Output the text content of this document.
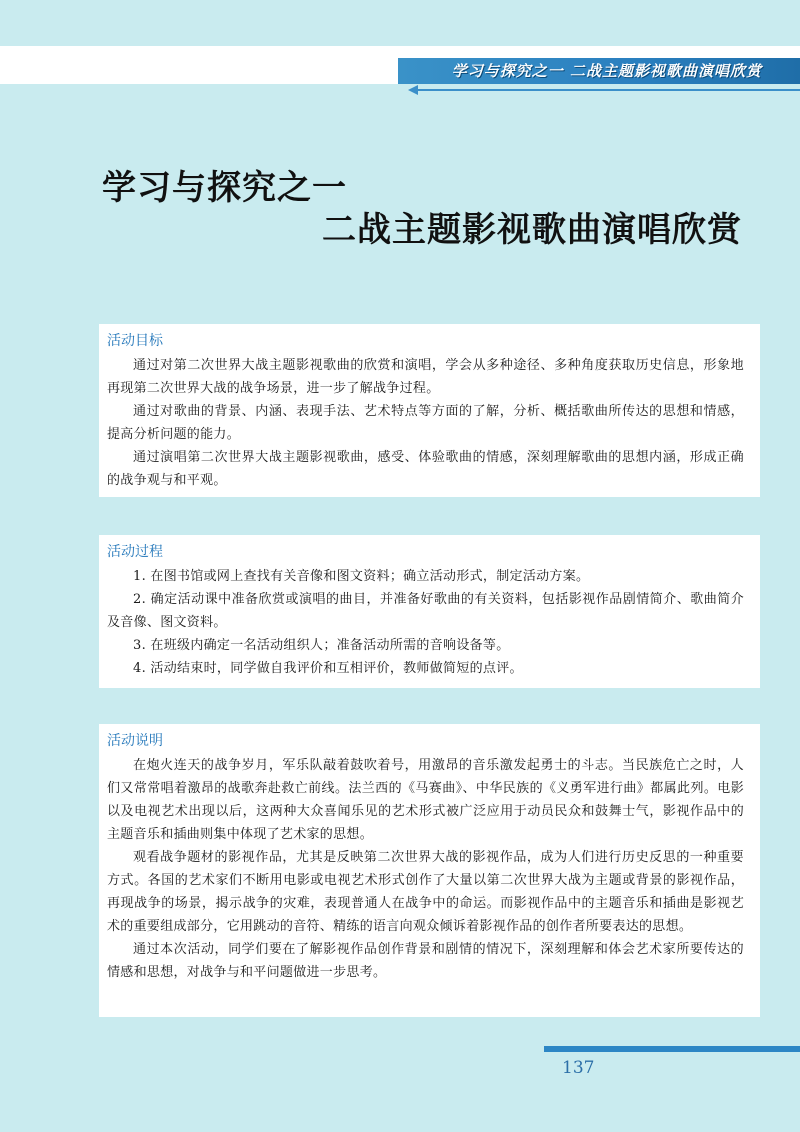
学习与探究之一 二战主题影视歌曲演唱欣赏
学习与探究之一
二战主题影视歌曲演唱欣赏
活动目标

通过对第二次世界大战主题影视歌曲的欣赏和演唱，学会从多种途径、多种角度获取历史信息，形象地再现第二次世界大战的战争场景，进一步了解战争过程。

通过对歌曲的背景、内涵、表现手法、艺术特点等方面的了解，分析、概括歌曲所传达的思想和情感，提高分析问题的能力。

通过演唱第二次世界大战主题影视歌曲，感受、体验歌曲的情感，深刻理解歌曲的思想内涵，形成正确的战争观与和平观。

活动过程
1. 在图书馆或网上查找有关音像和图文资料；确立活动形式，制定活动方案。
2. 确定活动课中准备欣赏或演唱的曲目，并准备好歌曲的有关资料，包括影视作品剧情简介、歌曲简介及音像、图文资料。
3. 在班级内确定一名活动组织人；准备活动所需的音响设备等。
4. 活动结束时，同学做自我评价和互相评价，教师做简短的点评。
活动说明

在炮火连天的战争岁月，军乐队敲着鼓吹着号，用激昂的音乐激发起勇士的斗志。当民族危亡之时，人们又常常唱着激昂的战歌奔赴救亡前线。法兰西的《马赛曲》、中华民族的《义勇军进行曲》都属此列。电影以及电视艺术出现以后，这两种大众喜闻乐见的艺术形式被广泛应用于动员民众和鼓舞士气，影视作品中的主题音乐和插曲则集中体现了艺术家的思想。

观看战争题材的影视作品，尤其是反映第二次世界大战的影视作品，成为人们进行历史反思的一种重要方式。各国的艺术家们不断用电影或电视艺术形式创作了大量以第二次世界大战为主题或背景的影视作品，再现战争的场景，揭示战争的灾难，表现普通人在战争中的命运。而影视作品中的主题音乐和插曲是影视艺术的重要组成部分，它用跳动的音符、精练的语言向观众倾诉着影视作品的创作者所要表达的思想。

通过本次活动，同学们要在了解影视作品创作背景和剧情的情况下，深刻理解和体会艺术家所要传达的情感和思想，对战争与和平问题做进一步思考。

137
